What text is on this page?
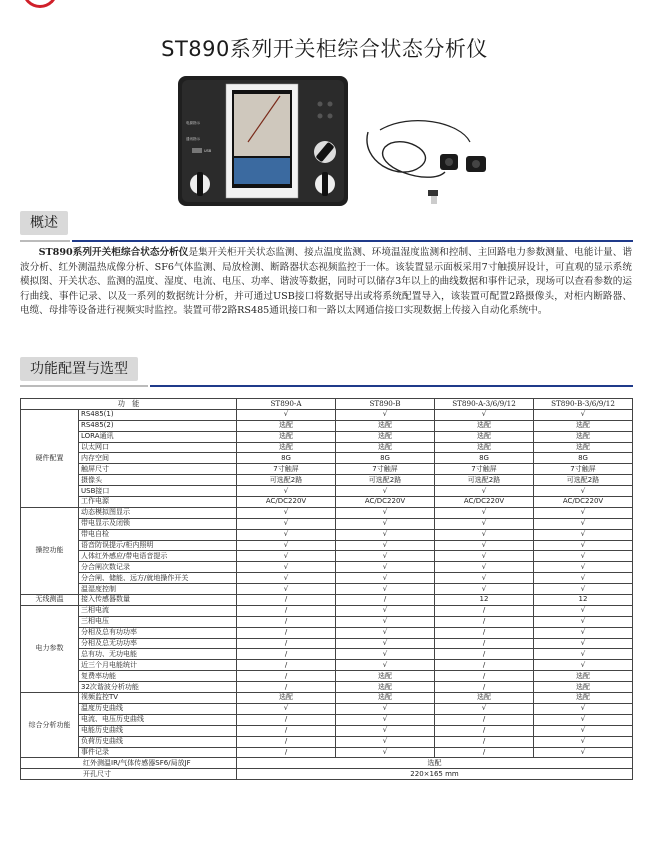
ST890系列开关柜综合状态分析仪
电源指示
通讯指示
USB
概述
ST890系列开关柜综合状态分析仪是集开关柜开关状态监测、接点温度监测、环境温湿度监测和控制、主回路电力参数测量、电能计量、谐波分析、红外测温热成像分析、SF6气体监测、局放检测、断路器状态视频监控于一体。该装置显示面板采用7寸触摸屏设计，可直观的显示系统模拟图、开关状态、监测的温度、湿度、电流、电压、功率、谐波等数据，同时可以储存3年以上的曲线数据和事件记录，现场可以查看参数的运行曲线、事件记录、以及一系列的数据统计分析，并可通过USB接口将数据导出或将系统配置导入，该装置可配置2路摄像头，对柜内断路器、电缆、母排等设备进行视频实时监控。装置可带2路RS485通讯接口和一路以太网通信接口实现数据上传接入自动化系统中。
功能配置与选型
功　能		ST890-A	ST890-B	ST890-A-3/6/9/12	ST890-B-3/6/9/12
硬件配置	RS485(1)	√	√	√	√
	RS485(2)	选配	选配	选配	选配
	LORA通讯	选配	选配	选配	选配
	以太网口	选配	选配	选配	选配
	内存空间	8G	8G	8G	8G
	触屏尺寸	7寸触屏	7寸触屏	7寸触屏	7寸触屏
	摄像头	可选配2路	可选配2路	可选配2路	可选配2路
	USB接口	√	√	√	√
	工作电源	AC/DC220V	AC/DC220V	AC/DC220V	AC/DC220V
操控功能	动态模拟图显示	√	√	√	√
	带电显示及闭锁	√	√	√	√
	带电自检	√	√	√	√
	语音防误提示/柜内照明	√	√	√	√
	人体红外感应/带电语音提示	√	√	√	√
	分合闸次数记录	√	√	√	√
	分合闸、储能、远方/就地操作开关	√	√	√	√
	温湿度控制	√	√	√	√
无线测温	接入传感器数量	/	/	12	12
电力参数	三相电流	/	√	/	√
	三相电压	/	√	/	√
	分相及总有功功率	/	√	/	√
	分相及总无功功率	/	√	/	√
	总有功、无功电能	/	√	/	√
	近三个月电能统计	/	√	/	√
	复费率功能	/	选配	/	选配
	32次谐波分析功能	/	选配	/	选配
综合分析功能	视频监控TV	选配	选配	选配	选配
	温度历史曲线	√	√	√	√
	电流、电压历史曲线	/	√	/	√
	电能历史曲线	/	√	/	√
	负荷历史曲线	/	√	/	√
	事件记录	/	√	/	√
红外测温IR/气体传感器SF6/局放JF		选配			
开孔尺寸		220×165 mm			
